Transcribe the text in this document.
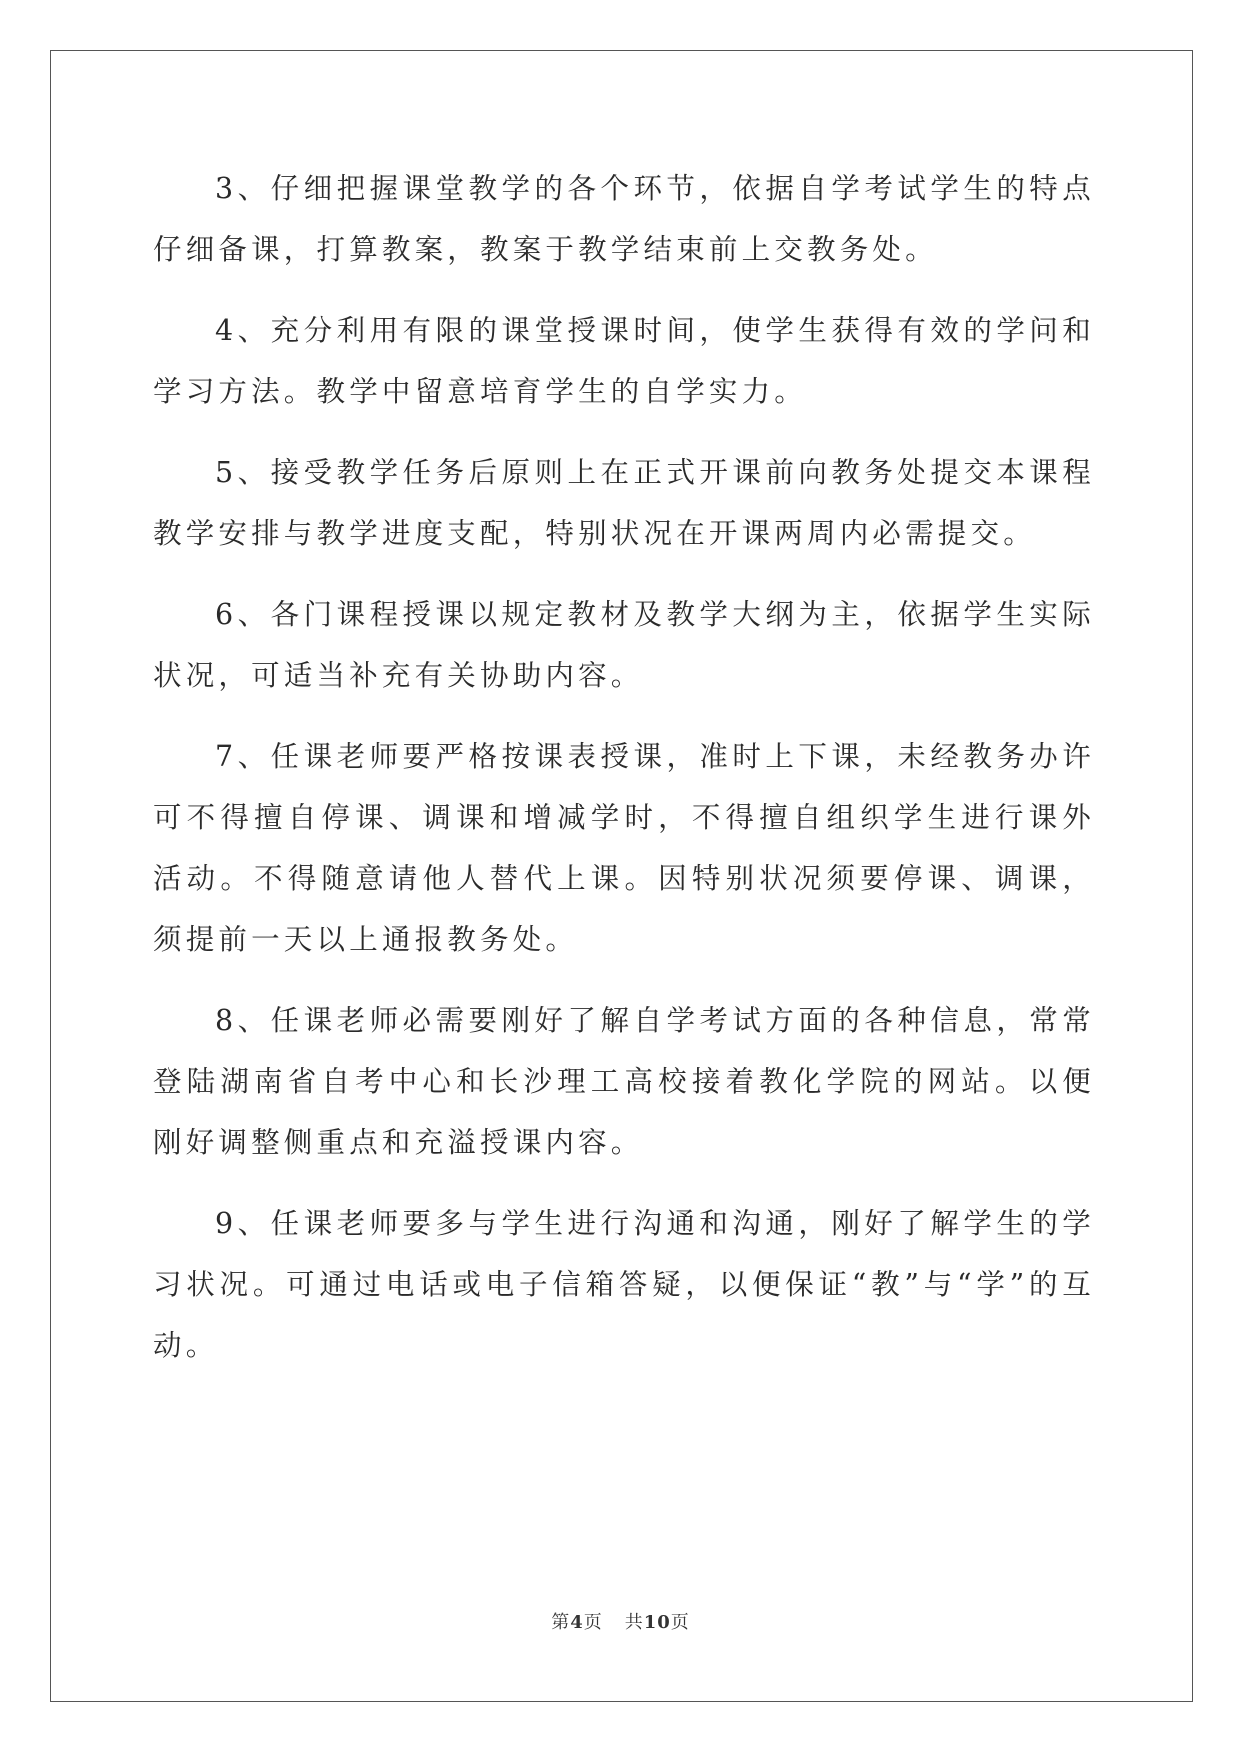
3、仔细把握课堂教学的各个环节，依据自学考试学生的特点仔细备课，打算教案，教案于教学结束前上交教务处。

4、充分利用有限的课堂授课时间，使学生获得有效的学问和学习方法。教学中留意培育学生的自学实力。

5、接受教学任务后原则上在正式开课前向教务处提交本课程教学安排与教学进度支配，特别状况在开课两周内必需提交。

6、各门课程授课以规定教材及教学大纲为主，依据学生实际状况，可适当补充有关协助内容。

7、任课老师要严格按课表授课，准时上下课，未经教务办许可不得擅自停课、调课和增减学时，不得擅自组织学生进行课外活动。不得随意请他人替代上课。因特别状况须要停课、调课，须提前一天以上通报教务处。

8、任课老师必需要刚好了解自学考试方面的各种信息，常常登陆湖南省自考中心和长沙理工高校接着教化学院的网站。以便刚好调整侧重点和充溢授课内容。

9、任课老师要多与学生进行沟通和沟通，刚好了解学生的学习状况。可通过电话或电子信箱答疑，以便保证“教”与“学”的互动。

第4页 共10页
